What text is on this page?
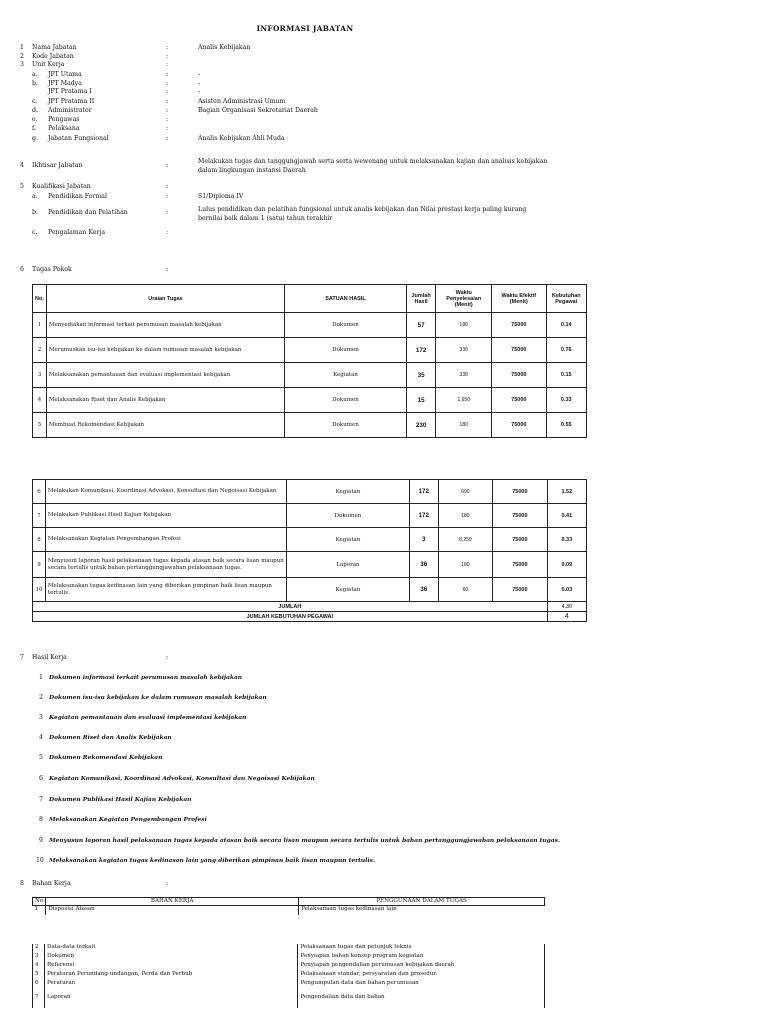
INFORMASI JABATAN
1 Nama Jabatan	:	Analis Kebijakan
2 Kode Jabatan	:
3 Unit Kerja	:
a. JPT Utama	:	-
b. JPT Madya	:	-
JPT Pratama I	:	-
c. JPT Pratama II	:	Asisten Administrasi Umum
d. Administrator	:	Bagian Organisasi Sekretariat Daerah
e. Pengawas	:
f. Pelaksana	:
g. Jabatan Fungsional	:	Analis Kebijakan Ahli Muda
4 Ikhtisar Jabatan	:
Melakukan tugas dan tanggungjawab serta serta wewenang untuk melaksanakan kajian dan analisis kebijakan
dalam lingkungan instansi Daerah
5 Kualifikasi Jabatan	:
a. Pendidikan Formal	:	S1/Diploma IV
b. Pendidikan dan Pelatihan	:	Lulus pendidikan dan pelatihan fungsional untuk analis kebijakan dan Nilai prestasi kerja paling kurang
bernilai baik dalam 1 (satu) tahun terakhir
c. Pengalaman Kerja	:
6 Tugas Pokok	:
No.	Uraian Tugas	SATUAN HASIL	Jumlah Hasil	Waktu Penyelesaian (Menit)	Waktu Efektif (Menit)	Kebutuhan Pegawai
1	Menyediakan informasi terkait perumusan masalah kebijakan	Dokumen	57	180	75000	0.14
2	Merumuskan isu-isu kebijakan ke dalam rumusan masalah kebijakan	Dokumen	172	330	75000	0.76
3	Melaksanakan pemantauan dan evaluasi implementasi kebijakan	Kegiatan	35	330	75000	0.15
4	Melaksanakan Riset dan Analis Kebijakan	Dokumen	15	1,650	75000	0.33
5	Membuat Rekomendasi Kebijakan	Dokumen	230	180	75000	0.55
6	Melakukan Komunikasi, Koordinasi Advokasi, Konsultasi dan Negoisasi Kebijakan	Kegiatan	172	690	75000	1.52
7	Melakukan Publikasi Hasil Kajian Kebijakan	Dokumen	172	180	75000	0.41
8	Melaksanakan Kegiatan Pengembangan Profesi	Kegiatan	3	8,250	75000	0.33
9	Menyusun laporan hasil pelaksanaan tugas kepada atasan baik secara lisan maupun secara tertulis untuk bahan pertanggungjawaban pelaksanaan tugas.	Laporan	36	180	75000	0.09
10	Melaksanakan tugas kedinasan lain yang diberikan pimpinan baik lisan maupun tertulis.	Kegiatan	36	60	75000	0.03
JUMLAH						4.30
JUMLAH KEBUTUHAN PEGAWAI						4
7 Hasil Kerja	:
1 Dokumen informasi terkait perumusan masalah kebijakan
2 Dokumen isu-isu kebijakan ke dalam rumusan masalah kebijakan
3 Kegiatan pemantauan dan evaluasi implementasi kebijakan
4 Dokumen Riset dan Analis Kebijakan
5 Dokumen Rekomendasi Kebijakan
6 Kegiatan Komunikasi, Koordinasi Advokasi, Konsultasi dan Negoisasi Kebijakan
7 Dokumen Publikasi Hasil Kajian Kebijakan
8 Melaksanakan Kegiatan Pengembangan Profesi
9 Menyusun laporan hasil pelaksanaan tugas kepada atasan baik secara lisan maupun secara tertulis untuk bahan pertanggungjawaban pelaksanaan tugas.
10 Melaksanakan kegiatan tugas kedinasan lain yang diberikan pimpinan baik lisan maupun tertulis.
8 Bahan Kerja	:
No	BAHAN KERJA	PENGGUNAAN DALAM TUGAS
1	Disposisi Atasan	Pelaksanaan tugas kedinasan lain
2	Data-data terkait	Pelaksanaan tugas dan petunjuk teknis
3	Dokumen	Penyiapan bahan konsep program kegiatan
4	Referensi	Penyiapan pengendalian perumusan kebijakan daerah
5	Peraturan Perundang-undangan, Perda dan Perbub	Pelaksanaan standar, persyaratan dan prosedur.
6	Peraturan	Pengumpulan data dan bahan perumusan
7	Laporan	Pengendalian data dan bahan
